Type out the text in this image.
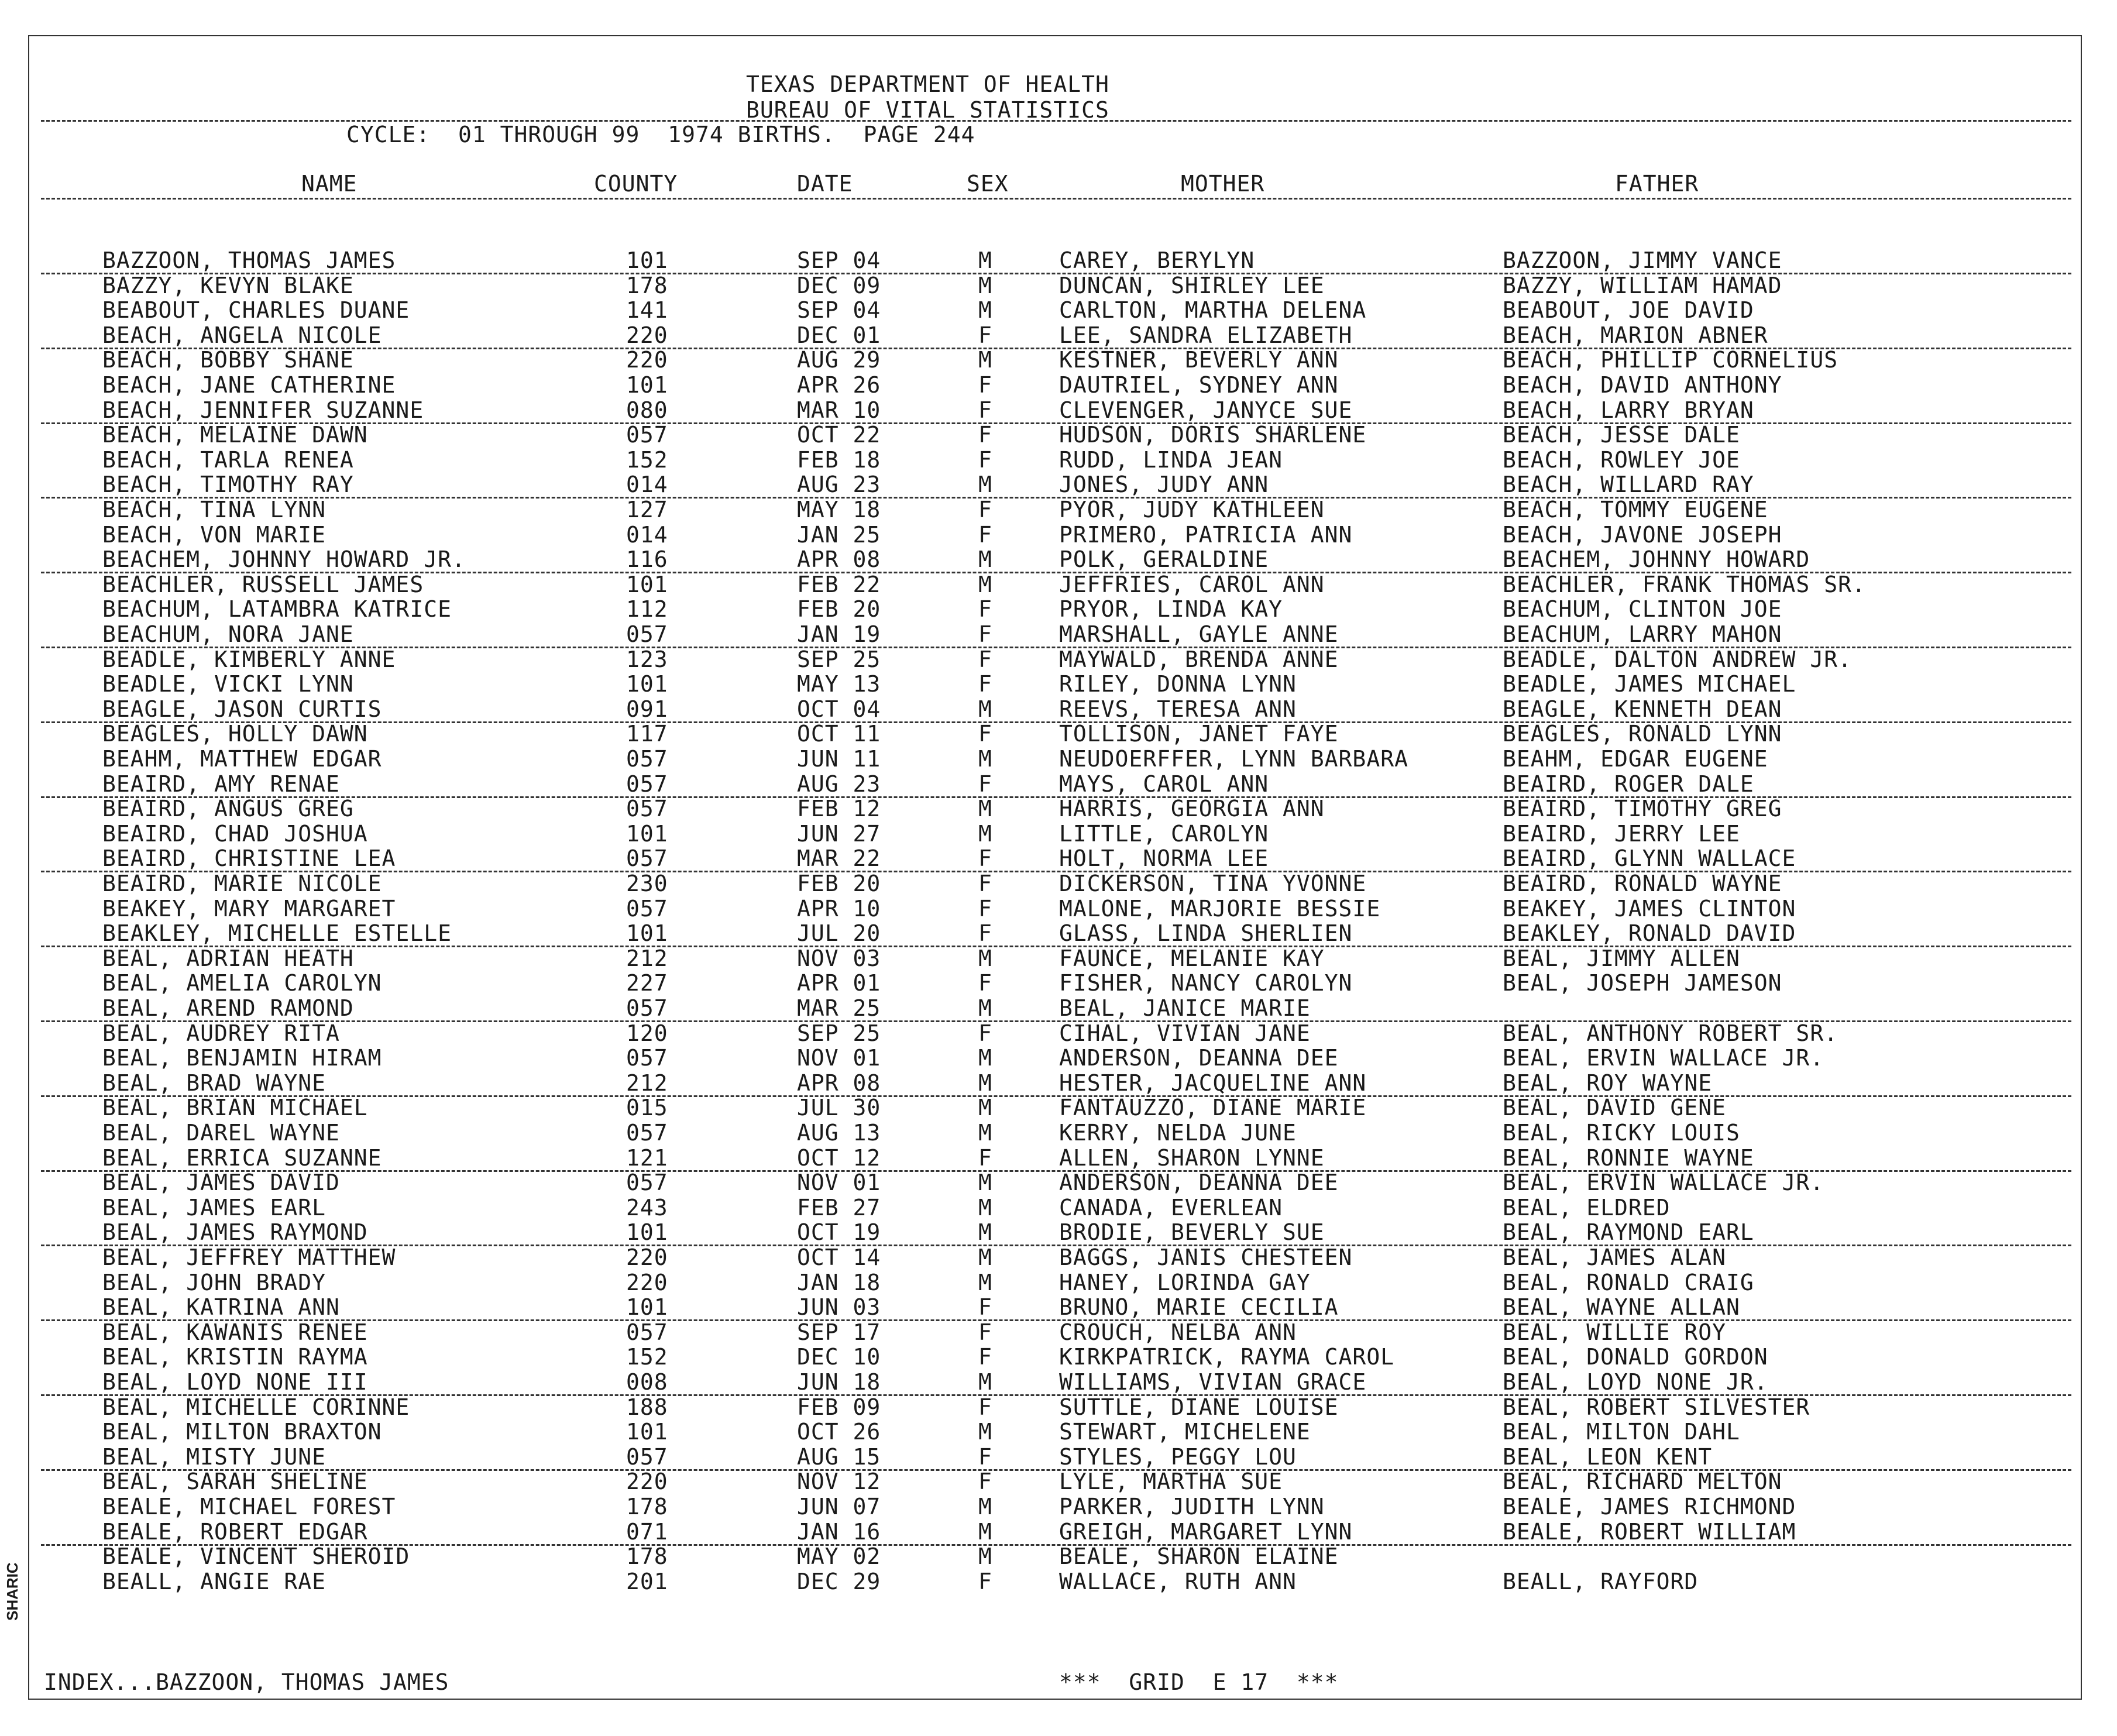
TEXAS DEPARTMENT OF HEALTH
BUREAU OF VITAL STATISTICS
CYCLE:  01 THROUGH 99  1974 BIRTHS.  PAGE 244
NAME	COUNTY	DATE	SEX	MOTHER	FATHER
BAZZOON, THOMAS JAMES	101	SEP 04	M	CAREY, BERYLYN	BAZZOON, JIMMY VANCE
BAZZY, KEVYN BLAKE	178	DEC 09	M	DUNCAN, SHIRLEY LEE	BAZZY, WILLIAM HAMAD
BEABOUT, CHARLES DUANE	141	SEP 04	M	CARLTON, MARTHA DELENA	BEABOUT, JOE DAVID
BEACH, ANGELA NICOLE	220	DEC 01	F	LEE, SANDRA ELIZABETH	BEACH, MARION ABNER
BEACH, BOBBY SHANE	220	AUG 29	M	KESTNER, BEVERLY ANN	BEACH, PHILLIP CORNELIUS
BEACH, JANE CATHERINE	101	APR 26	F	DAUTRIEL, SYDNEY ANN	BEACH, DAVID ANTHONY
BEACH, JENNIFER SUZANNE	080	MAR 10	F	CLEVENGER, JANYCE SUE	BEACH, LARRY BRYAN
BEACH, MELAINE DAWN	057	OCT 22	F	HUDSON, DORIS SHARLENE	BEACH, JESSE DALE
BEACH, TARLA RENEA	152	FEB 18	F	RUDD, LINDA JEAN	BEACH, ROWLEY JOE
BEACH, TIMOTHY RAY	014	AUG 23	M	JONES, JUDY ANN	BEACH, WILLARD RAY
BEACH, TINA LYNN	127	MAY 18	F	PYOR, JUDY KATHLEEN	BEACH, TOMMY EUGENE
BEACH, VON MARIE	014	JAN 25	F	PRIMERO, PATRICIA ANN	BEACH, JAVONE JOSEPH
BEACHEM, JOHNNY HOWARD JR.	116	APR 08	M	POLK, GERALDINE	BEACHEM, JOHNNY HOWARD
BEACHLER, RUSSELL JAMES	101	FEB 22	M	JEFFRIES, CAROL ANN	BEACHLER, FRANK THOMAS SR.
BEACHUM, LATAMBRA KATRICE	112	FEB 20	F	PRYOR, LINDA KAY	BEACHUM, CLINTON JOE
BEACHUM, NORA JANE	057	JAN 19	F	MARSHALL, GAYLE ANNE	BEACHUM, LARRY MAHON
BEADLE, KIMBERLY ANNE	123	SEP 25	F	MAYWALD, BRENDA ANNE	BEADLE, DALTON ANDREW JR.
BEADLE, VICKI LYNN	101	MAY 13	F	RILEY, DONNA LYNN	BEADLE, JAMES MICHAEL
BEAGLE, JASON CURTIS	091	OCT 04	M	REEVS, TERESA ANN	BEAGLE, KENNETH DEAN
BEAGLES, HOLLY DAWN	117	OCT 11	F	TOLLISON, JANET FAYE	BEAGLES, RONALD LYNN
BEAHM, MATTHEW EDGAR	057	JUN 11	M	NEUDOERFFER, LYNN BARBARA	BEAHM, EDGAR EUGENE
BEAIRD, AMY RENAE	057	AUG 23	F	MAYS, CAROL ANN	BEAIRD, ROGER DALE
BEAIRD, ANGUS GREG	057	FEB 12	M	HARRIS, GEORGIA ANN	BEAIRD, TIMOTHY GREG
BEAIRD, CHAD JOSHUA	101	JUN 27	M	LITTLE, CAROLYN	BEAIRD, JERRY LEE
BEAIRD, CHRISTINE LEA	057	MAR 22	F	HOLT, NORMA LEE	BEAIRD, GLYNN WALLACE
BEAIRD, MARIE NICOLE	230	FEB 20	F	DICKERSON, TINA YVONNE	BEAIRD, RONALD WAYNE
BEAKEY, MARY MARGARET	057	APR 10	F	MALONE, MARJORIE BESSIE	BEAKEY, JAMES CLINTON
BEAKLEY, MICHELLE ESTELLE	101	JUL 20	F	GLASS, LINDA SHERLIEN	BEAKLEY, RONALD DAVID
BEAL, ADRIAN HEATH	212	NOV 03	M	FAUNCE, MELANIE KAY	BEAL, JIMMY ALLEN
BEAL, AMELIA CAROLYN	227	APR 01	F	FISHER, NANCY CAROLYN	BEAL, JOSEPH JAMESON
BEAL, AREND RAMOND	057	MAR 25	M	BEAL, JANICE MARIE
BEAL, AUDREY RITA	120	SEP 25	F	CIHAL, VIVIAN JANE	BEAL, ANTHONY ROBERT SR.
BEAL, BENJAMIN HIRAM	057	NOV 01	M	ANDERSON, DEANNA DEE	BEAL, ERVIN WALLACE JR.
BEAL, BRAD WAYNE	212	APR 08	M	HESTER, JACQUELINE ANN	BEAL, ROY WAYNE
BEAL, BRIAN MICHAEL	015	JUL 30	M	FANTAUZZO, DIANE MARIE	BEAL, DAVID GENE
BEAL, DAREL WAYNE	057	AUG 13	M	KERRY, NELDA JUNE	BEAL, RICKY LOUIS
BEAL, ERRICA SUZANNE	121	OCT 12	F	ALLEN, SHARON LYNNE	BEAL, RONNIE WAYNE
BEAL, JAMES DAVID	057	NOV 01	M	ANDERSON, DEANNA DEE	BEAL, ERVIN WALLACE JR.
BEAL, JAMES EARL	243	FEB 27	M	CANADA, EVERLEAN	BEAL, ELDRED
BEAL, JAMES RAYMOND	101	OCT 19	M	BRODIE, BEVERLY SUE	BEAL, RAYMOND EARL
BEAL, JEFFREY MATTHEW	220	OCT 14	M	BAGGS, JANIS CHESTEEN	BEAL, JAMES ALAN
BEAL, JOHN BRADY	220	JAN 18	M	HANEY, LORINDA GAY	BEAL, RONALD CRAIG
BEAL, KATRINA ANN	101	JUN 03	F	BRUNO, MARIE CECILIA	BEAL, WAYNE ALLAN
BEAL, KAWANIS RENEE	057	SEP 17	F	CROUCH, NELBA ANN	BEAL, WILLIE ROY
BEAL, KRISTIN RAYMA	152	DEC 10	F	KIRKPATRICK, RAYMA CAROL	BEAL, DONALD GORDON
BEAL, LOYD NONE III	008	JUN 18	M	WILLIAMS, VIVIAN GRACE	BEAL, LOYD NONE JR.
BEAL, MICHELLE CORINNE	188	FEB 09	F	SUTTLE, DIANE LOUISE	BEAL, ROBERT SILVESTER
BEAL, MILTON BRAXTON	101	OCT 26	M	STEWART, MICHELENE	BEAL, MILTON DAHL
BEAL, MISTY JUNE	057	AUG 15	F	STYLES, PEGGY LOU	BEAL, LEON KENT
BEAL, SARAH SHELINE	220	NOV 12	F	LYLE, MARTHA SUE	BEAL, RICHARD MELTON
BEALE, MICHAEL FOREST	178	JUN 07	M	PARKER, JUDITH LYNN	BEALE, JAMES RICHMOND
BEALE, ROBERT EDGAR	071	JAN 16	M	GREIGH, MARGARET LYNN	BEALE, ROBERT WILLIAM
BEALE, VINCENT SHEROID	178	MAY 02	M	BEALE, SHARON ELAINE
BEALL, ANGIE RAE	201	DEC 29	F	WALLACE, RUTH ANN	BEALL, RAYFORD
INDEX...BAZZOON, THOMAS JAMES	***  GRID  E 17  ***
SHARIC
